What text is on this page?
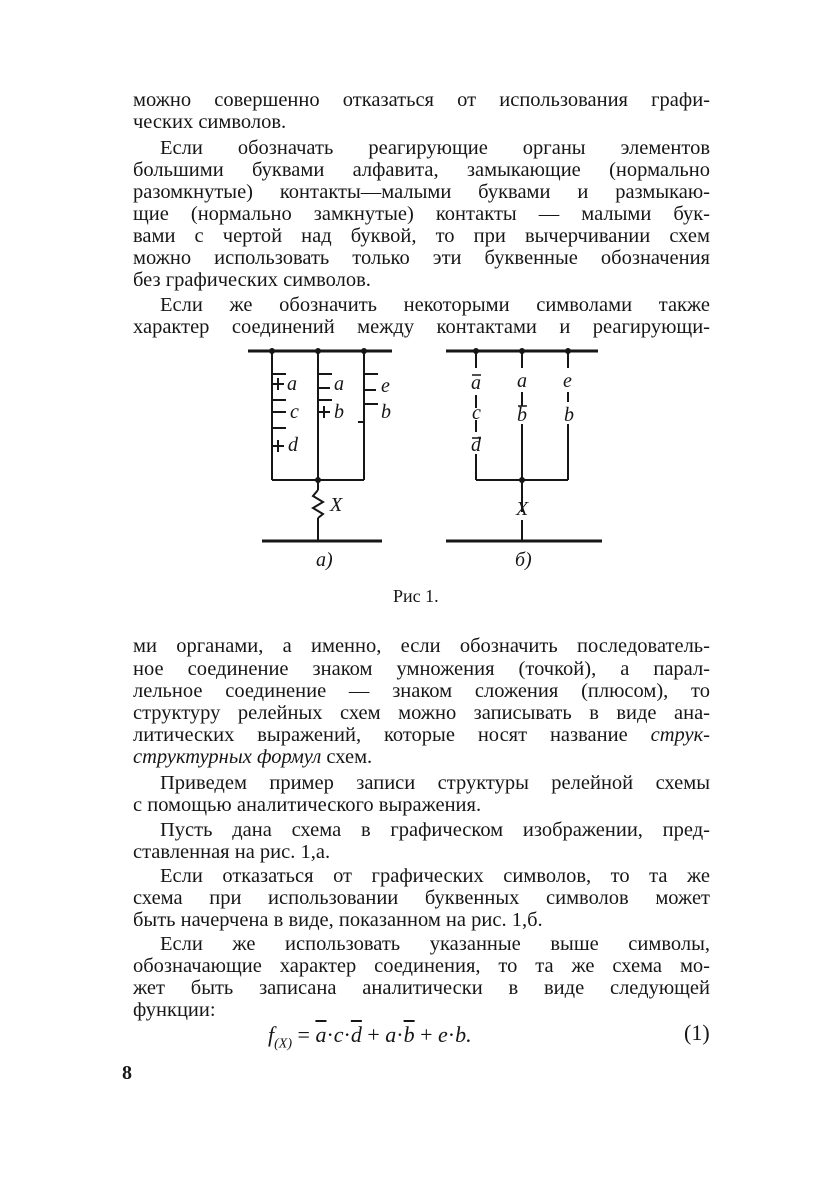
можно совершенно отказаться от использования графи-
ческих символов.
Если обозначать реагирующие органы элементов
большими буквами алфавита, замыкающие (нормально
разомкнутые) контакты—малыми буквами и размыкаю-
щие (нормально замкнутые) контакты — малыми бук-
вами с чертой над буквой, то при вычерчивании схем
можно использовать только эти буквенные обозначения
без графических символов.
Если же обозначить некоторыми символами также
характер соединений между контактами и реагирующи-
a
c
d
a
b
e
b
X
а)
a
c
d
a
b
e
b
X
б)
Рис 1.
ми органами, а именно, если обозначить последователь-
ное соединение знаком умножения (точкой), а парал-
лельное соединение — знаком сложения (плюсом), то
структуру релейных схем можно записывать в виде ана-
литических выражений, которые носят название струк-
структурных формул схем.
Приведем пример записи структуры релейной схемы
с помощью аналитического выражения.
Пусть дана схема в графическом изображении, пред-
ставленная на рис. 1,а.
Если отказаться от графических символов, то та же
схема при использовании буквенных символов может
быть начерчена в виде, показанном на рис. 1,б.
Если же использовать указанные выше символы,
обозначающие характер соединения, то та же схема мо-
жет быть записана аналитически в виде следующей
функции:
$f_{(X)} = \overline{a}\cdot c\cdot\overline{d} + a\cdot\overline{b} + e\cdot b$.	(1)
8
